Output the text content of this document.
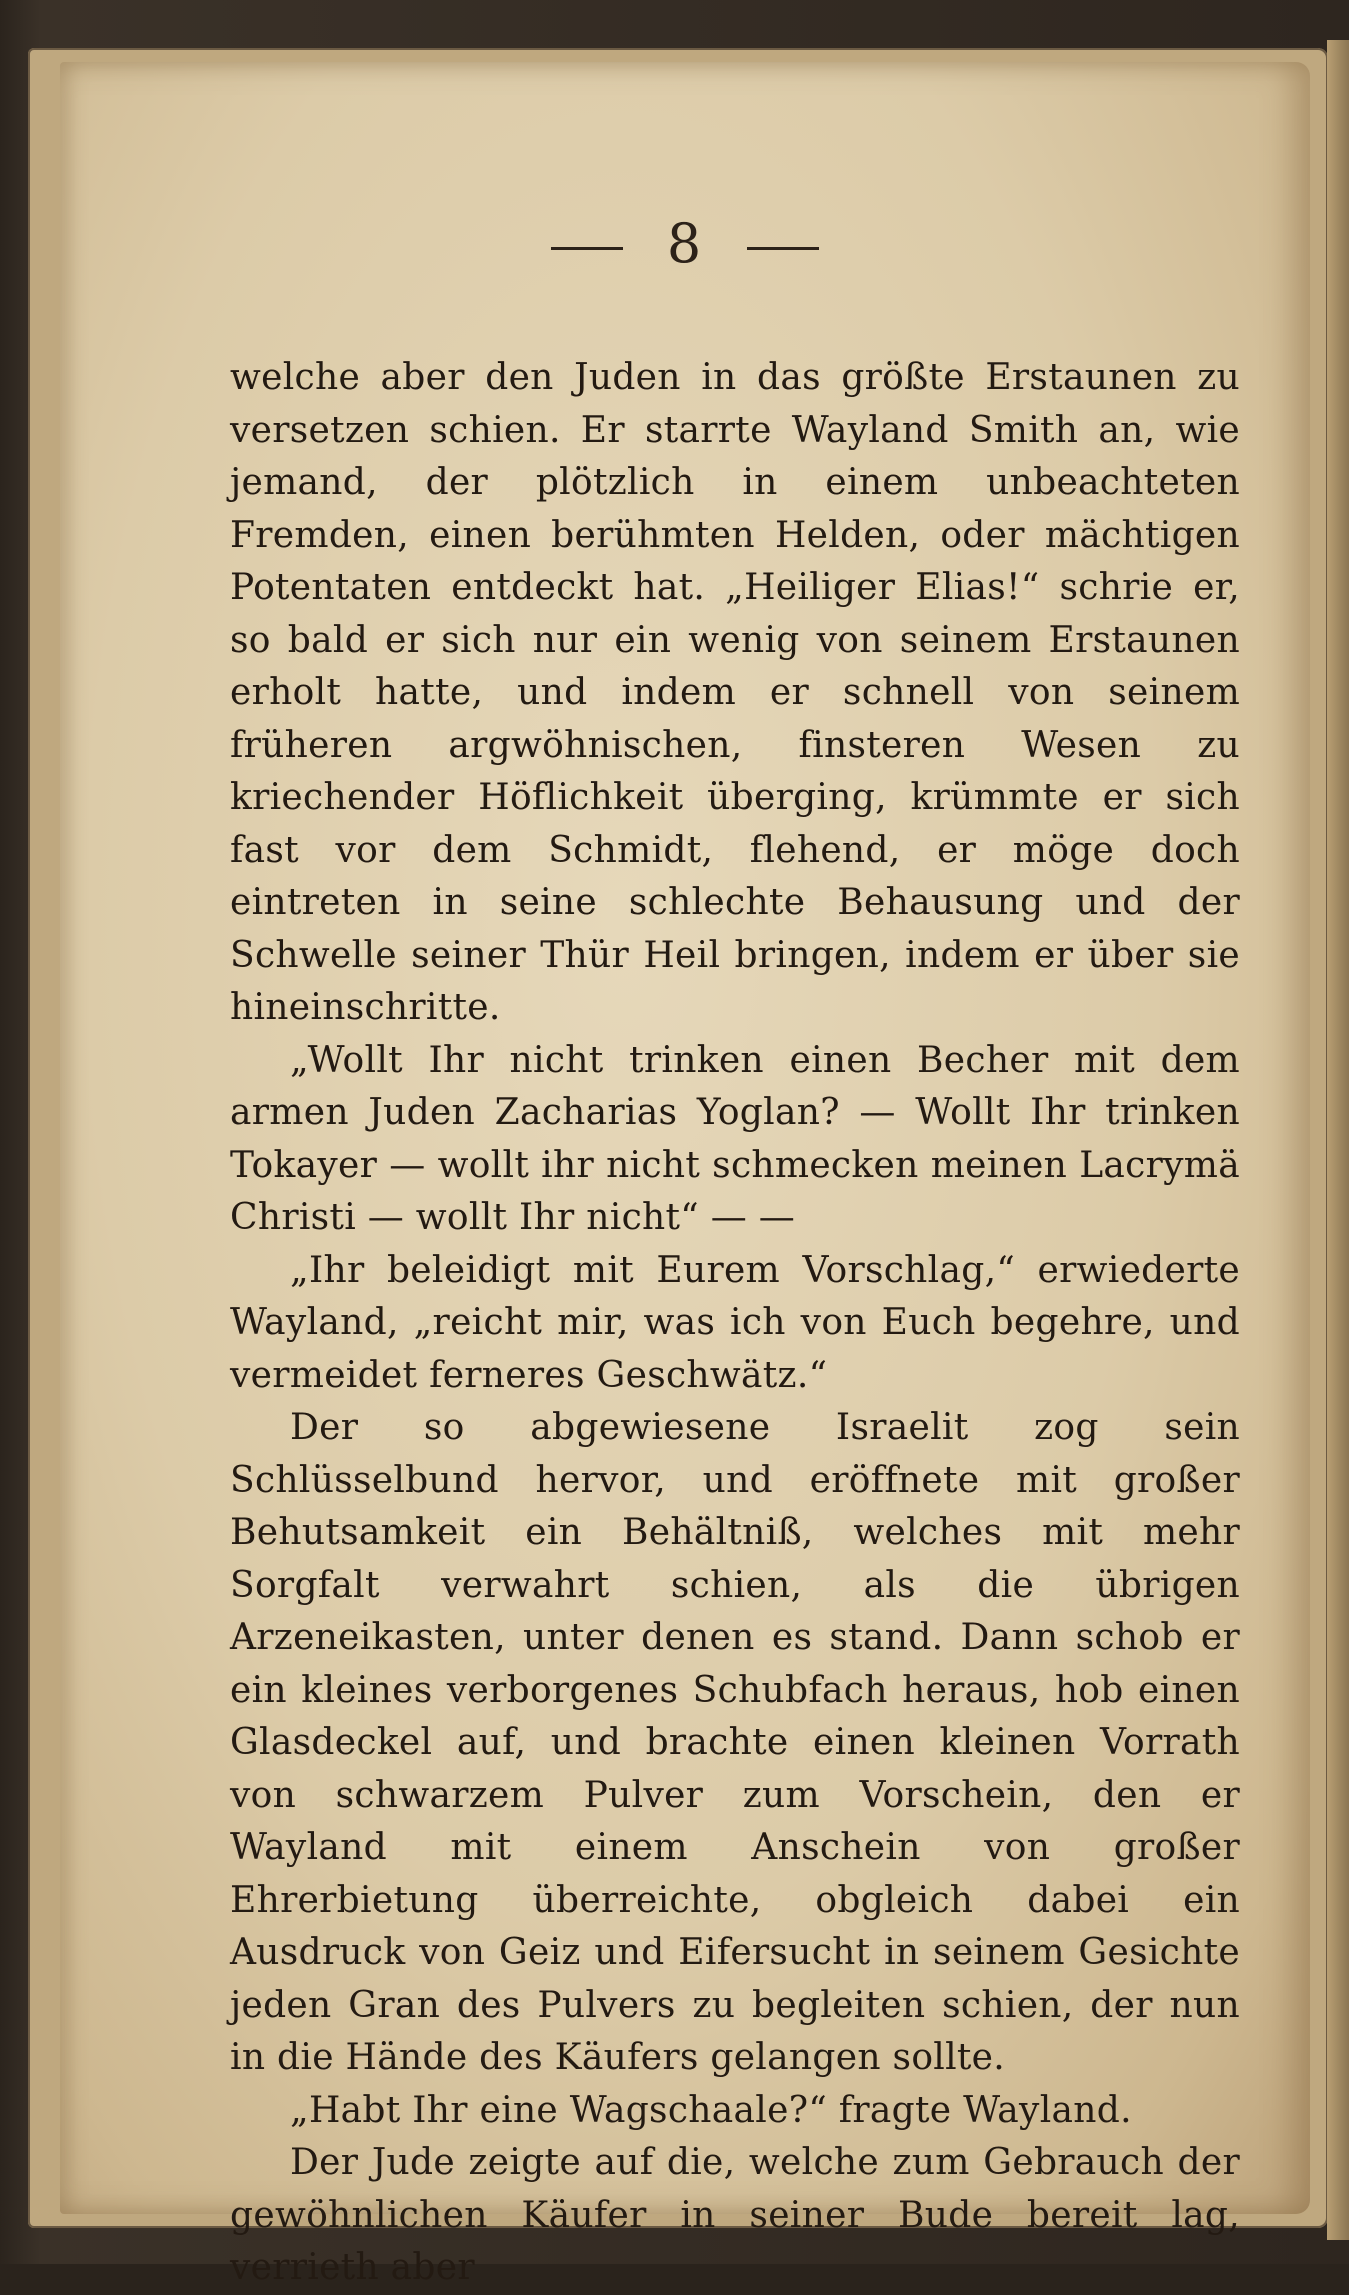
8

welche aber den Juden in das größte Erstaunen zu versetzen schien. Er starrte Wayland Smith an, wie jemand, der plötzlich in einem unbeachteten Fremden, einen berühmten Helden, oder mächtigen Potentaten entdeckt hat. „Heiliger Elias!“ schrie er, so bald er sich nur ein wenig von seinem Erstaunen erholt hatte, und indem er schnell von seinem früheren argwöhnischen, finsteren Wesen zu kriechender Höflichkeit überging, krümmte er sich fast vor dem Schmidt, flehend, er möge doch eintreten in seine schlechte Behausung und der Schwelle seiner Thür Heil bringen, indem er über sie hineinschritte.

„Wollt Ihr nicht trinken einen Becher mit dem armen Juden Zacharias Yoglan? — Wollt Ihr trinken Tokayer — wollt ihr nicht schmecken meinen Lacrymä Christi — wollt Ihr nicht“ — —

„Ihr beleidigt mit Eurem Vorschlag,“ erwiederte Wayland, „reicht mir, was ich von Euch begehre, und vermeidet ferneres Geschwätz.“

Der so abgewiesene Israelit zog sein Schlüsselbund hervor, und eröffnete mit großer Behutsamkeit ein Behältniß, welches mit mehr Sorgfalt verwahrt schien, als die übrigen Arzeneikasten, unter denen es stand. Dann schob er ein kleines verborgenes Schubfach heraus, hob einen Glasdeckel auf, und brachte einen kleinen Vorrath von schwarzem Pulver zum Vorschein, den er Wayland mit einem Anschein von großer Ehrerbietung überreichte, obgleich dabei ein Ausdruck von Geiz und Eifersucht in seinem Gesichte jeden Gran des Pulvers zu begleiten schien, der nun in die Hände des Käufers gelangen sollte.

„Habt Ihr eine Wagschaale?“ fragte Wayland.

Der Jude zeigte auf die, welche zum Gebrauch der gewöhnlichen Käufer in seiner Bude bereit lag, verrieth aber
